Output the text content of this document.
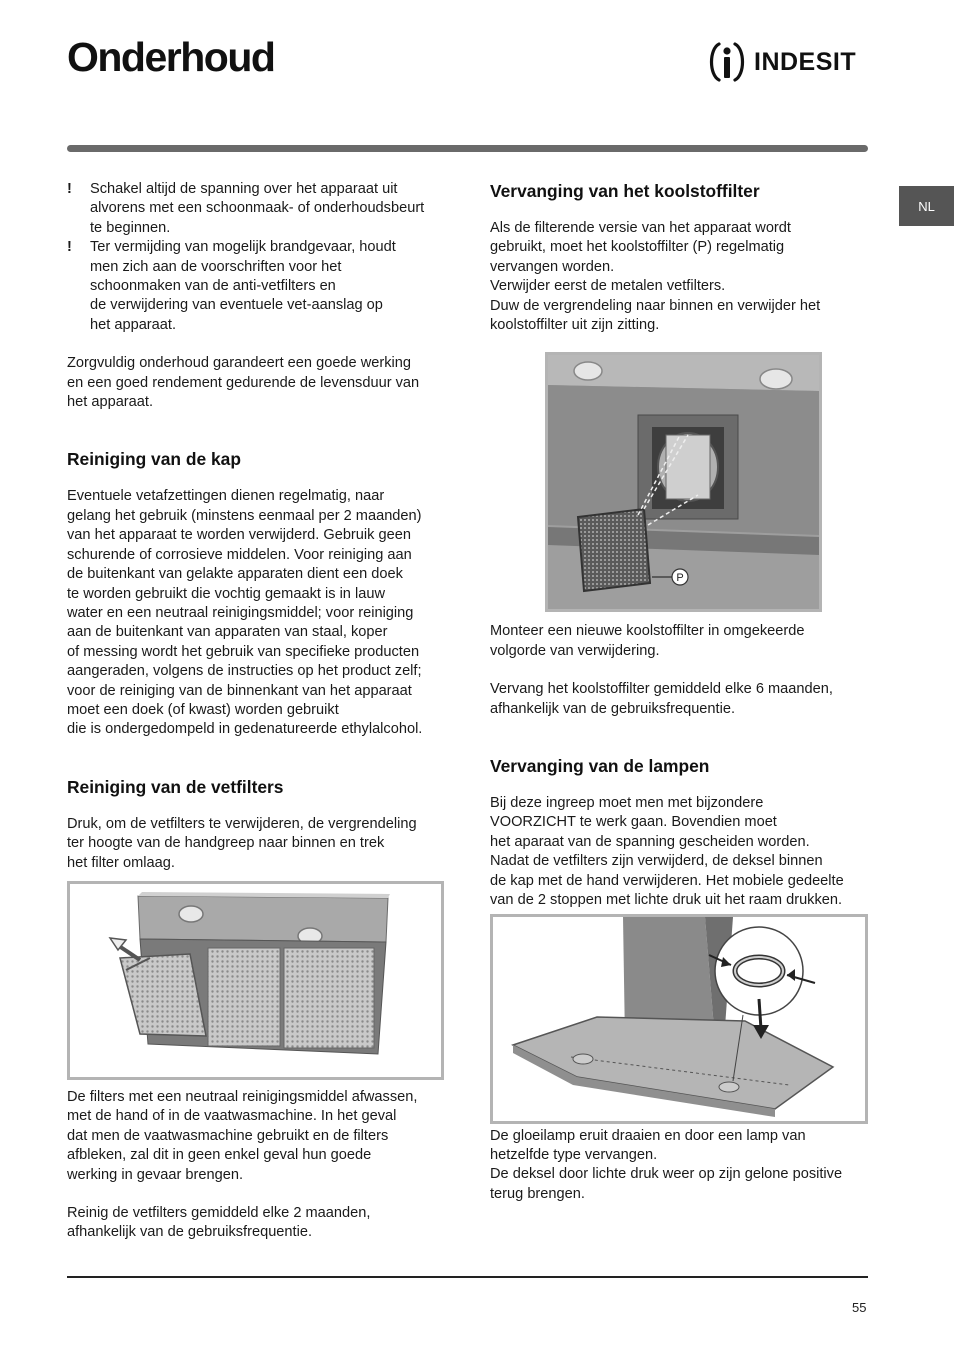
Onderhoud	INDESIT
NL
! Schakel altijd de spanning over het apparaat uit
alvorens met een schoonmaak- of onderhoudsbeurt
te beginnen.
! Ter vermijding van mogelijk brandgevaar, houdt
men zich aan de voorschriften voor het
schoonmaken van de anti-vetfilters en
de verwijdering van eventuele vet-aanslag op
het apparaat.
Zorgvuldig onderhoud garandeert een goede werking
en een goed rendement gedurende de levensduur van
het apparaat.
Reiniging van de kap
Eventuele vetafzettingen dienen regelmatig, naar
gelang het gebruik (minstens eenmaal per 2 maanden)
van het apparaat te worden verwijderd. Gebruik geen
schurende of corrosieve middelen. Voor reiniging aan
de buitenkant van gelakte apparaten dient een doek
te worden gebruikt die vochtig gemaakt is in lauw
water en een neutraal reinigingsmiddel; voor reiniging
aan de buitenkant van apparaten van staal, koper
of messing wordt het gebruik van specifieke producten
aangeraden, volgens de instructies op het product zelf;
voor de reiniging van de binnenkant van het apparaat
moet een doek (of kwast) worden gebruikt
die is ondergedompeld in gedenatureerde ethylalcohol.
Reiniging van de vetfilters
Druk, om de vetfilters te verwijderen, de vergrendeling
ter hoogte van de handgreep naar binnen en trek
het filter omlaag.
De filters met een neutraal reinigingsmiddel afwassen,
met de hand of in de vaatwasmachine. In het geval
dat men de vaatwasmachine gebruikt en de filters
afbleken, zal dit in geen enkel geval hun goede
werking in gevaar brengen.
Reinig de vetfilters gemiddeld elke 2 maanden,
afhankelijk van de gebruiksfrequentie.
Vervanging van het koolstoffilter
Als de filterende versie van het apparaat wordt
gebruikt, moet het koolstoffilter (P) regelmatig
vervangen worden.
Verwijder eerst de metalen vetfilters.
Duw de vergrendeling naar binnen en verwijder het
koolstoffilter uit zijn zitting.
P
Monteer een nieuwe koolstoffilter in omgekeerde
volgorde van verwijdering.
Vervang het koolstoffilter gemiddeld elke 6 maanden,
afhankelijk van de gebruiksfrequentie.
Vervanging van de lampen
Bij deze ingreep moet men met bijzondere
VOORZICHT te werk gaan. Bovendien moet
het aparaat van de spanning gescheiden worden.
Nadat de vetfilters zijn verwijderd, de deksel binnen
de kap met de hand verwijderen. Het mobiele gedeelte
van de 2 stoppen met lichte druk uit het raam drukken.
De gloeilamp eruit draaien en door een lamp van
hetzelfde type vervangen.
De deksel door lichte druk weer op zijn gelone positive
terug brengen.
55
